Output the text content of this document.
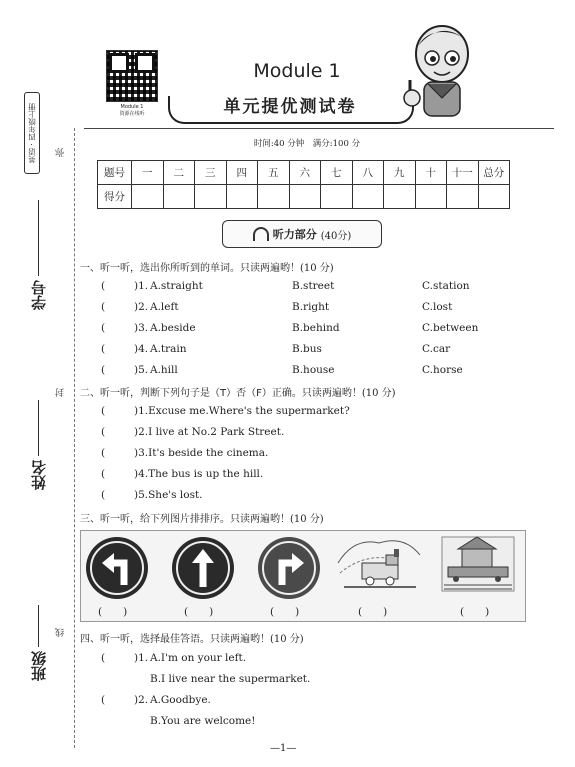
英语 · 四年级上册	弥
封
线
学号
姓名
班级
Module 1
资源在线听
Module 1
单元提优测试卷
时间:40 分钟　满分:100 分
题号	一	二	三	四	五	六	七	八	九	十	十一	总分
得分												
听力部分 (40分)
一、听一听，选出你所听到的单词。只读两遍哟！(10 分)
(	)1. A.straight	B.street	C.station
(	)2. A.left	B.right	C.lost
(	)3. A.beside	B.behind	C.between
(	)4. A.train	B.bus	C.car
(	)5. A.hill	B.house	C.horse
二、听一听，判断下列句子是（T）否（F）正确。只读两遍哟！(10 分)
(	)1.Excuse me.Where's the supermarket?
(	)2.I live at No.2 Park Street.
(	)3.It's beside the cinema.
(	)4.The bus is up the hill.
(	)5.She's lost.
三、听一听，给下列图片排排序。只读两遍哟！(10 分)
(　　)	(　　)	(　　)	(　　)	(　　)
四、听一听，选择最佳答语。只读两遍哟！(10 分)
(	)1. A.I'm on your left.
B.I live near the supermarket.
(	)2. A.Goodbye.
B.You are welcome!
—1—
